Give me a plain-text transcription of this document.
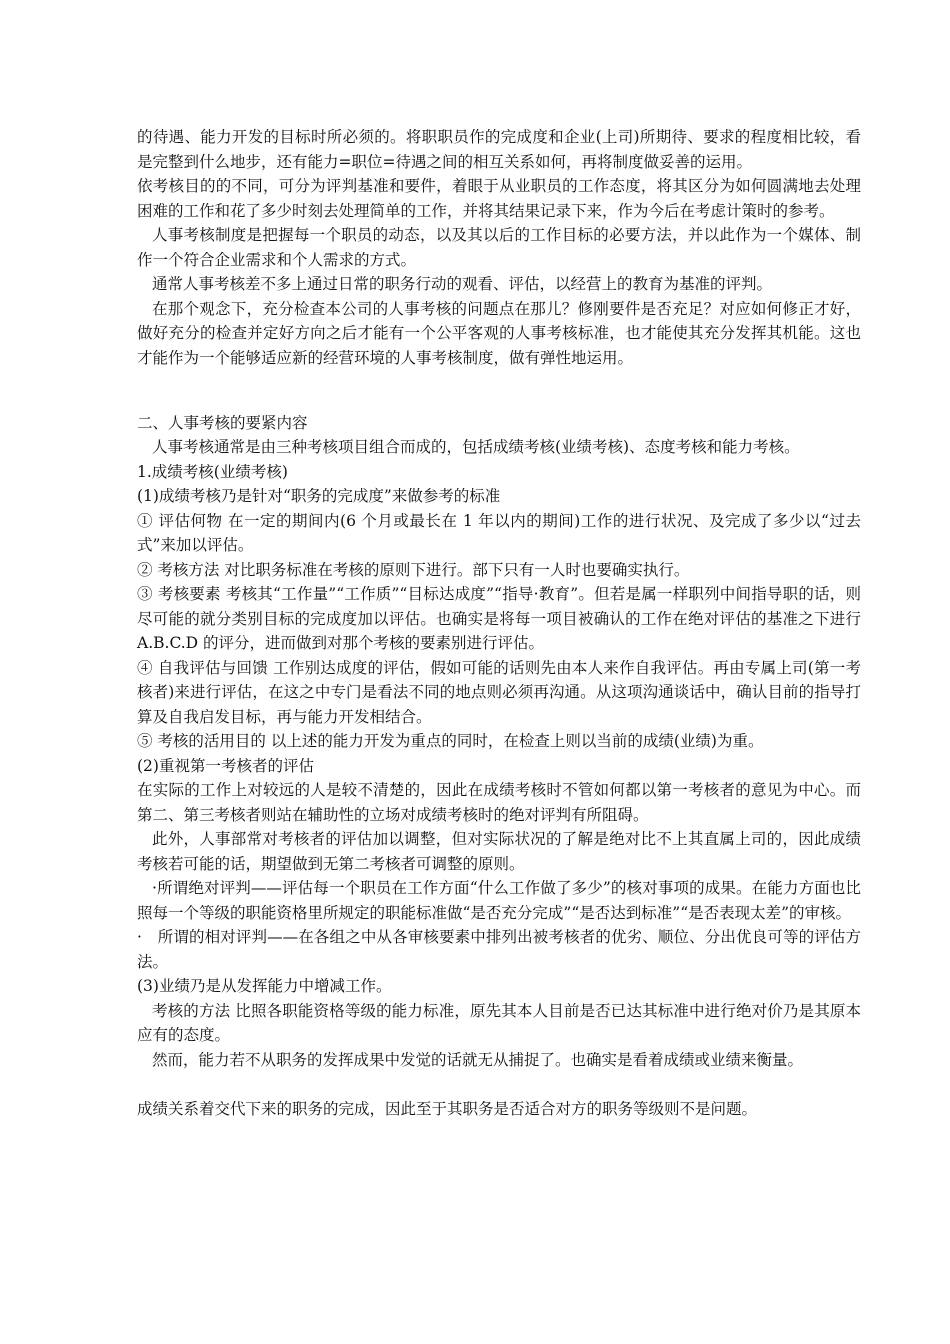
的待遇、能力开发的目标时所必须的。将职职员作的完成度和企业(上司)所期待、要求的程度相比较，看是完整到什么地步，还有能力=职位=待遇之间的相互关系如何，再将制度做妥善的运用。

依考核目的的不同，可分为评判基准和要件，着眼于从业职员的工作态度，将其区分为如何圆满地去处理困难的工作和花了多少时刻去处理简单的工作，并将其结果记录下来，作为今后在考虑计策时的参考。

人事考核制度是把握每一个职员的动态，以及其以后的工作目标的必要方法，并以此作为一个媒体、制作一个符合企业需求和个人需求的方式。

通常人事考核差不多上通过日常的职务行动的观看、评估，以经营上的教育为基准的评判。

在那个观念下，充分检查本公司的人事考核的问题点在那儿？修刚要件是否充足？对应如何修正才好，做好充分的检查并定好方向之后才能有一个公平客观的人事考核标准，也才能使其充分发挥其机能。这也才能作为一个能够适应新的经营环境的人事考核制度，做有弹性地运用。

二、人事考核的要紧内容

人事考核通常是由三种考核项目组合而成的，包括成绩考核(业绩考核)、态度考核和能力考核。

1.成绩考核(业绩考核)

(1)成绩考核乃是针对“职务的完成度”来做参考的标准

① 评估何物 在一定的期间内(6 个月或最长在 1 年以内的期间)工作的进行状况、及完成了多少以“过去式”来加以评估。

② 考核方法 对比职务标准在考核的原则下进行。部下只有一人时也要确实执行。

③ 考核要素 考核其“工作量”“工作质”“目标达成度”“指导·教育”。但若是属一样职列中间指导职的话，则尽可能的就分类别目标的完成度加以评估。也确实是将每一项目被确认的工作在绝对评估的基准之下进行 A.B.C.D 的评分，进而做到对那个考核的要素别进行评估。

④ 自我评估与回馈 工作别达成度的评估，假如可能的话则先由本人来作自我评估。再由专属上司(第一考核者)来进行评估，在这之中专门是看法不同的地点则必须再沟通。从这项沟通谈话中，确认目前的指导打算及自我启发目标，再与能力开发相结合。

⑤ 考核的活用目的 以上述的能力开发为重点的同时，在检查上则以当前的成绩(业绩)为重。

(2)重视第一考核者的评估

在实际的工作上对较远的人是较不清楚的，因此在成绩考核时不管如何都以第一考核者的意见为中心。而第二、第三考核者则站在辅助性的立场对成绩考核时的绝对评判有所阻碍。

此外，人事部常对考核者的评估加以调整，但对实际状况的了解是绝对比不上其直属上司的，因此成绩考核若可能的话，期望做到无第二考核者可调整的原则。

·所谓绝对评判——评估每一个职员在工作方面“什么工作做了多少”的核对事项的成果。在能力方面也比照每一个等级的职能资格里所规定的职能标准做“是否充分完成”“是否达到标准”“是否表现太差”的审核。

·　所谓的相对评判——在各组之中从各审核要素中排列出被考核者的优劣、顺位、分出优良可等的评估方法。

(3)业绩乃是从发挥能力中增减工作。

考核的方法 比照各职能资格等级的能力标准，原先其本人目前是否已达其标准中进行绝对价乃是其原本应有的态度。

然而，能力若不从职务的发挥成果中发觉的话就无从捕捉了。也确实是看着成绩或业绩来衡量。

成绩关系着交代下来的职务的完成，因此至于其职务是否适合对方的职务等级则不是问题。
